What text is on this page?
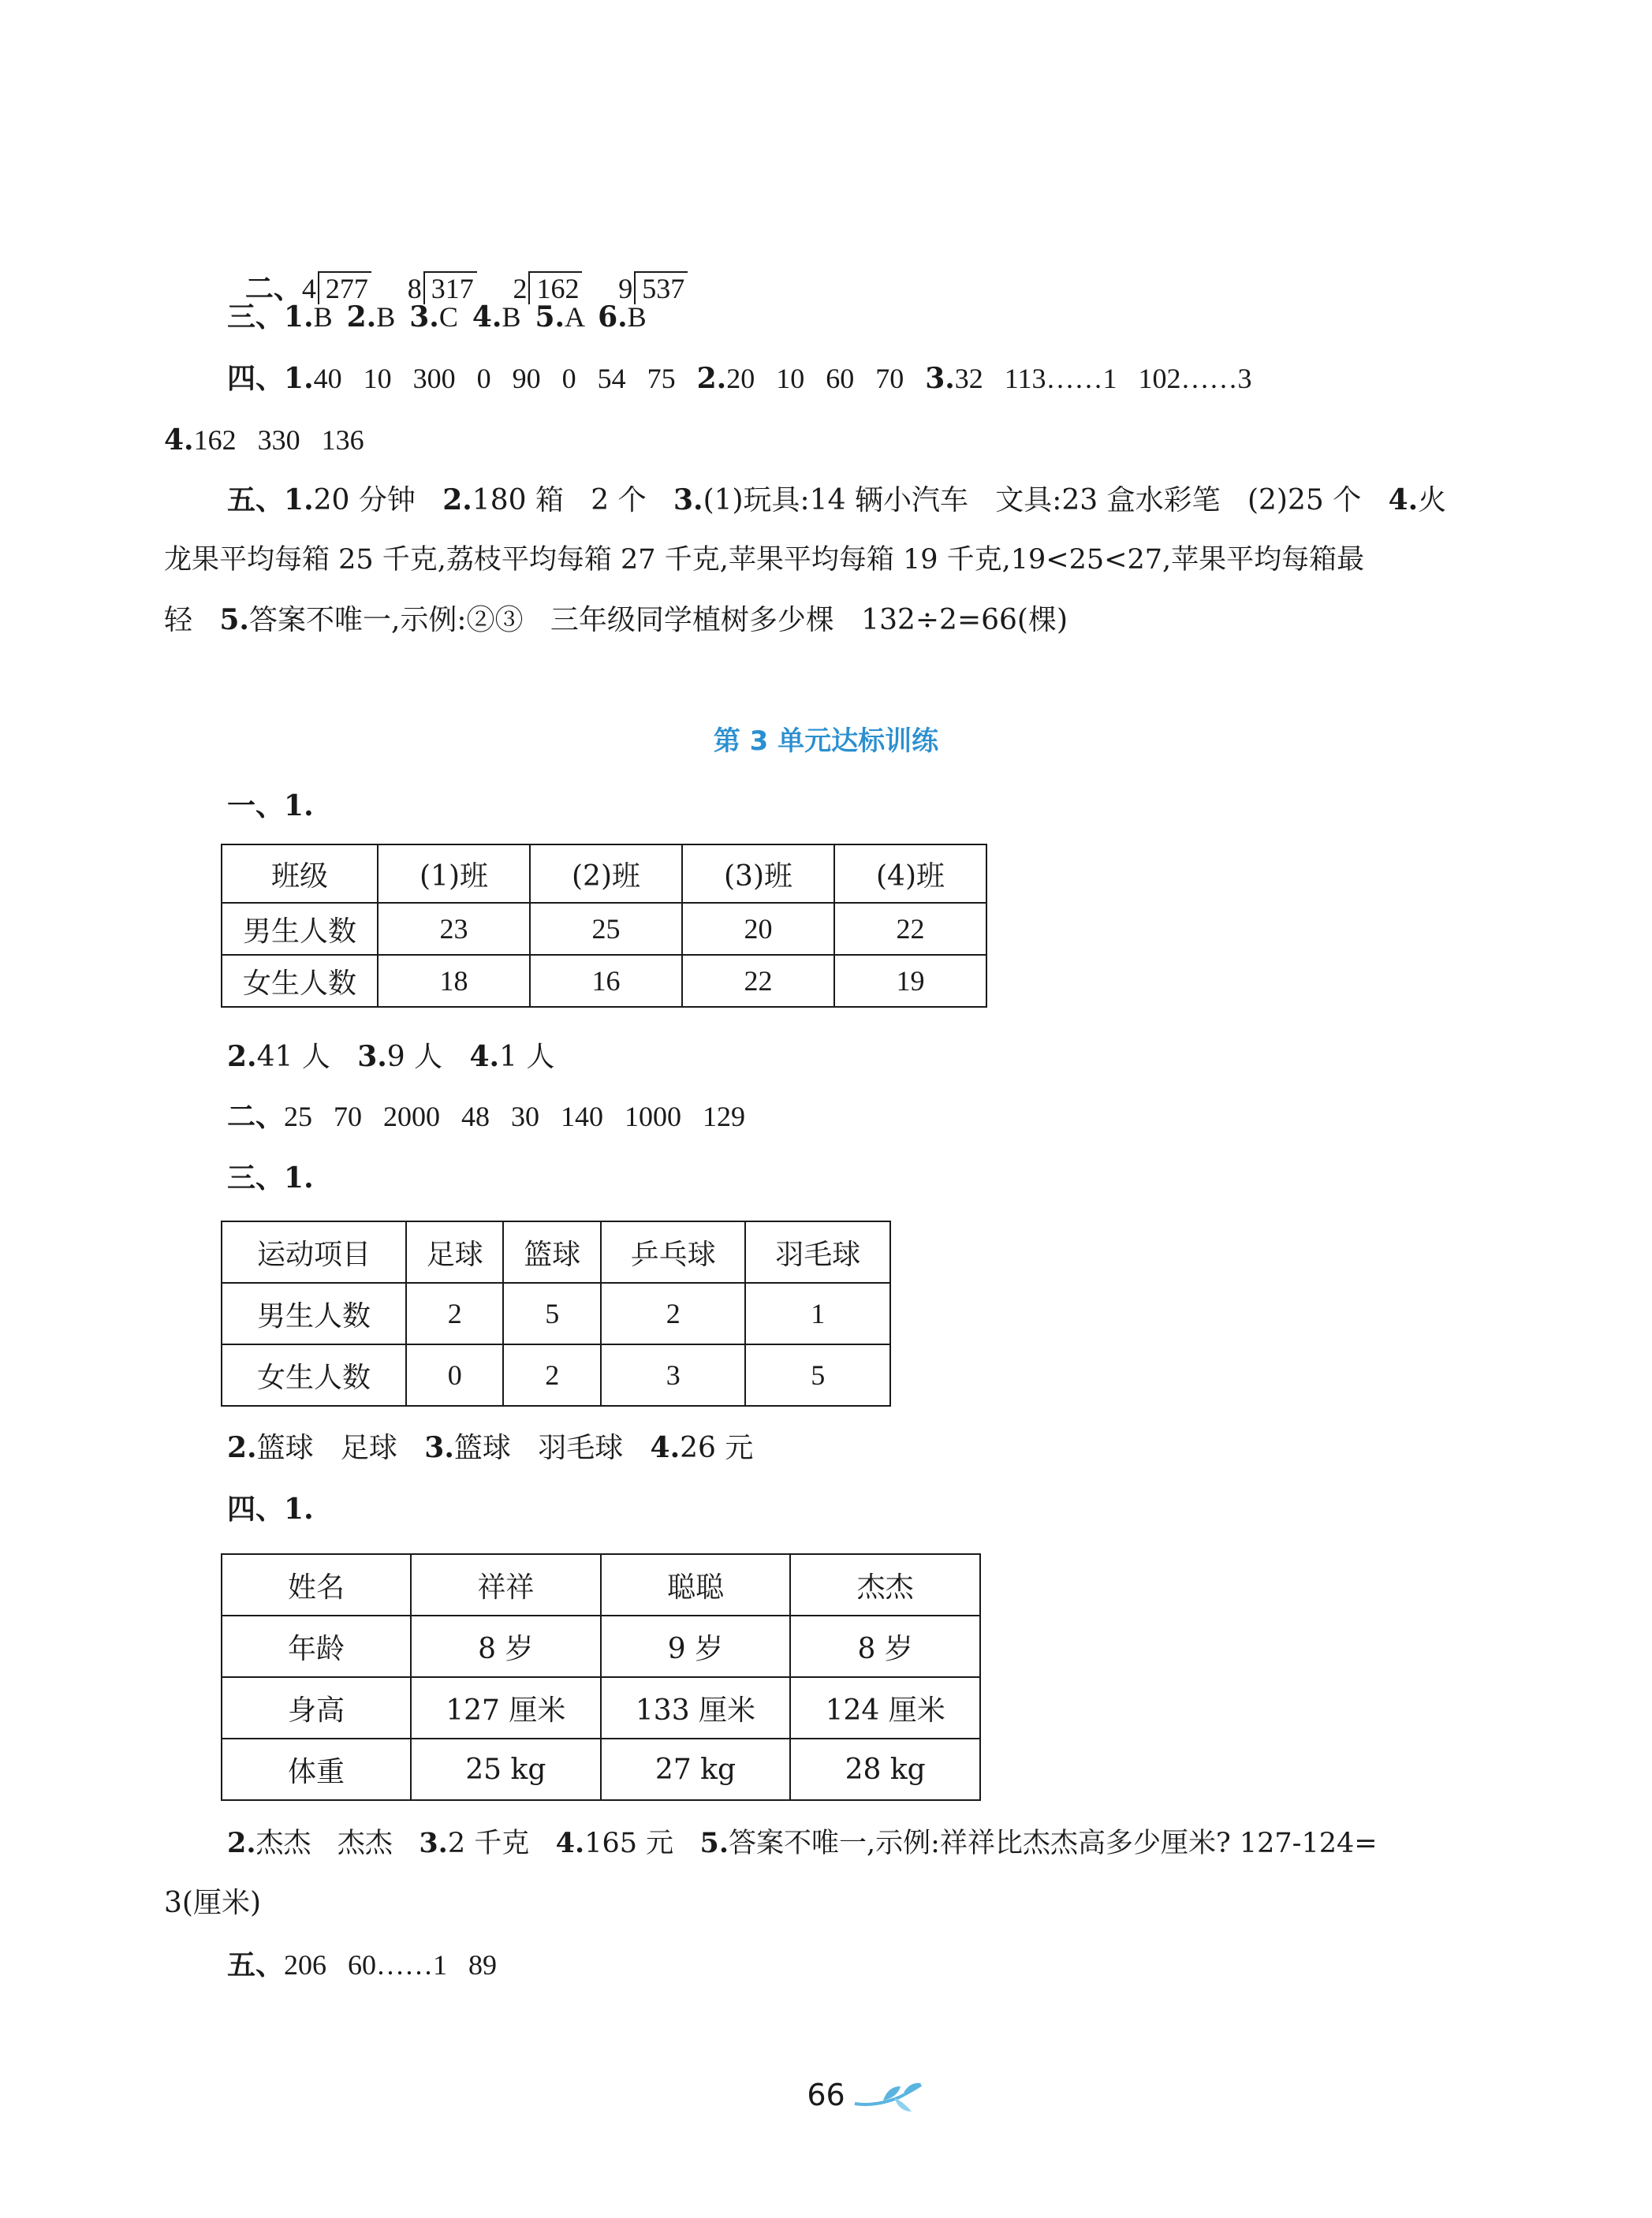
二、4 277 8 317 2 162 9 537

三、1.B  2.B  3.C  4.B  5.A  6.B
四、1.40   10   300   0   90   0   54   75   2.20   10   60   70   3.32   113……1   102……3
4.162   330   136
五、1.20 分钟   2.180 箱   2 个   3.(1)玩具:14 辆小汽车   文具:23 盒水彩笔   (2)25 个   4.火
龙果平均每箱 25 千克,荔枝平均每箱 27 千克,苹果平均每箱 19 千克,19<25<27,苹果平均每箱最
轻   5.答案不唯一,示例:②③   三年级同学植树多少棵   132÷2=66(棵)
第 3 单元达标训练
一、1.
班级	(1)班	(2)班	(3)班	(4)班
男生人数	23	25	20	22
女生人数	18	16	22	19
2.41 人   3.9 人   4.1 人
二、25   70   2000   48   30   140   1000   129
三、1.
运动项目	足球	篮球	乒乓球	羽毛球
男生人数	2	5	2	1
女生人数	0	2	3	5
2.篮球   足球   3.篮球   羽毛球   4.26 元
四、1.
姓名	祥祥	聪聪	杰杰
年龄	8 岁	9 岁	8 岁
身高	127 厘米	133 厘米	124 厘米
体重	25 kg	27 kg	28 kg
2.杰杰   杰杰   3.2 千克   4.165 元   5.答案不唯一,示例:祥祥比杰杰高多少厘米? 127-124=
3(厘米)
五、206   60……1   89
66
